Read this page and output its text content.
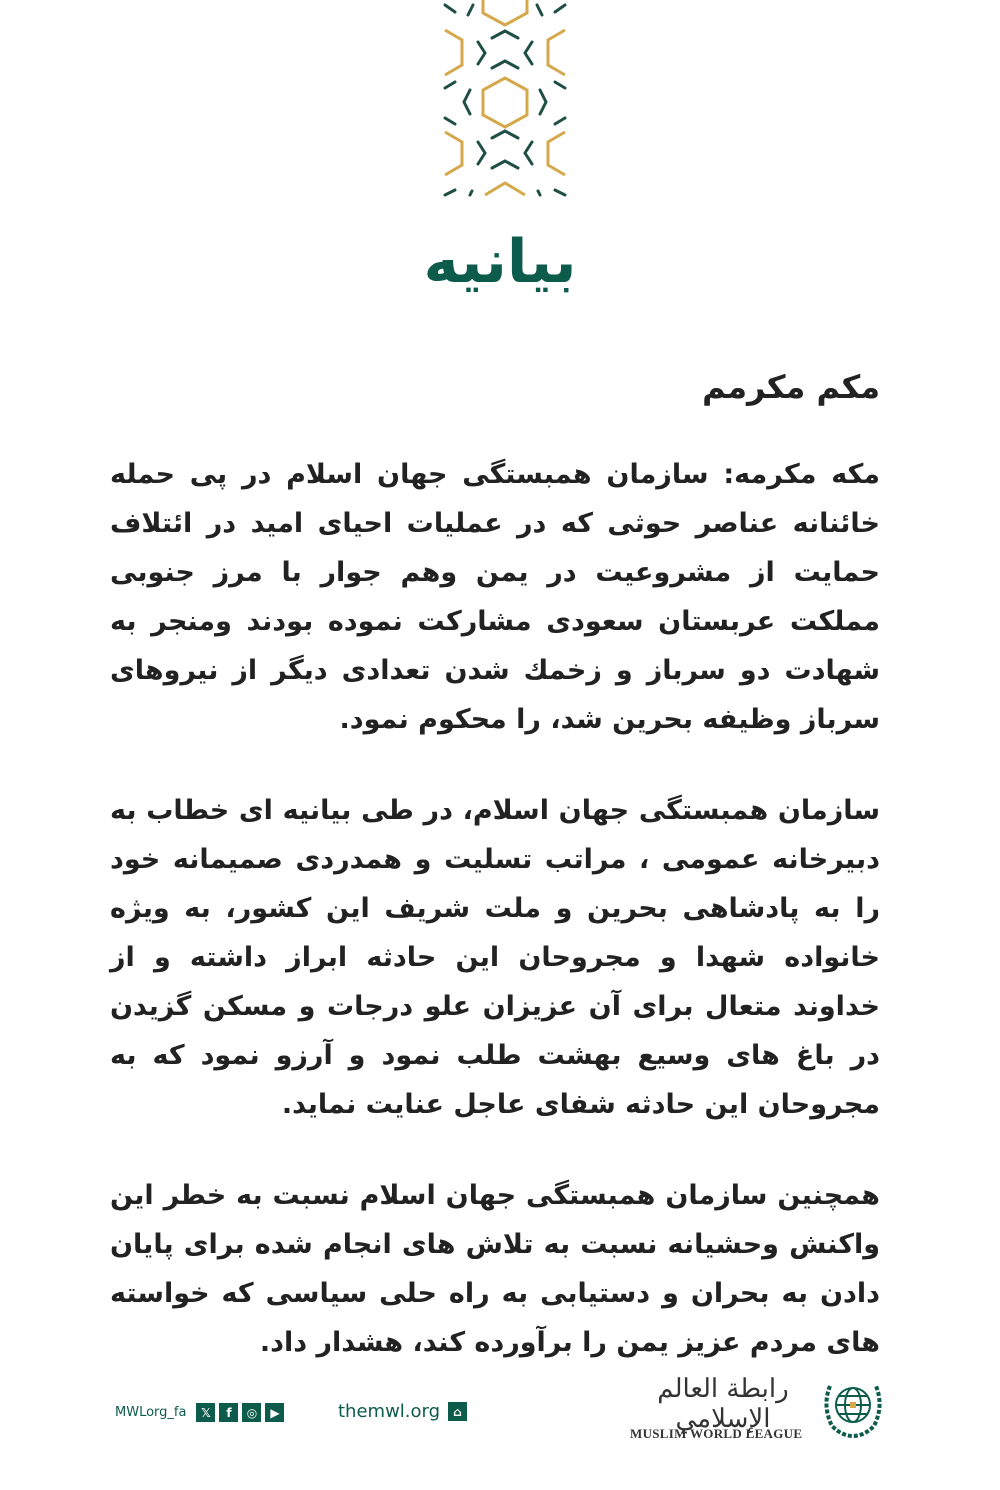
بیانیه
مکم مکرمم

مکه مکرمه: سازمان همبستگی جهان اسلام در پی حمله خائنانه عناصر حوثی که در عملیات احیای امید در ائتلاف حمایت از مشروعیت در یمن وهم جوار با مرز جنوبی مملکت عربستان سعودی مشارکت نموده بودند ومنجر به شهادت دو سرباز و زخمك شدن تعدادی دیگر از نیروهای سرباز وظیفه بحرین شد، را محکوم نمود.

سازمان همبستگی جهان اسلام، در طی بیانیه ای خطاب به دبیرخانه عمومی ، مراتب تسلیت و همدردی صمیمانه خود را به پادشاهی بحرین و ملت شریف این کشور، به ویژه خانواده شهدا و مجروحان این حادثه ابراز داشته و از خداوند متعال برای آن عزیزان علو درجات و مسکن گزیدن در باغ های وسیع بهشت طلب نمود و آرزو نمود که به مجروحان این حادثه شفای عاجل عنایت نماید.

همچنین سازمان همبستگی جهان اسلام نسبت به خطر این واکنش وحشیانه نسبت به تلاش های انجام شده برای پایان دادن به بحران و دستیابی به راه حلی سیاسی که خواسته های مردم عزیز یمن را برآورده کند، هشدار داد.

MWLorg_fa	𝕏	f	◎	▶	themwl.org	⌂
رابطة العالم الإسلامي
MUSLIM WORLD LEAGUE
